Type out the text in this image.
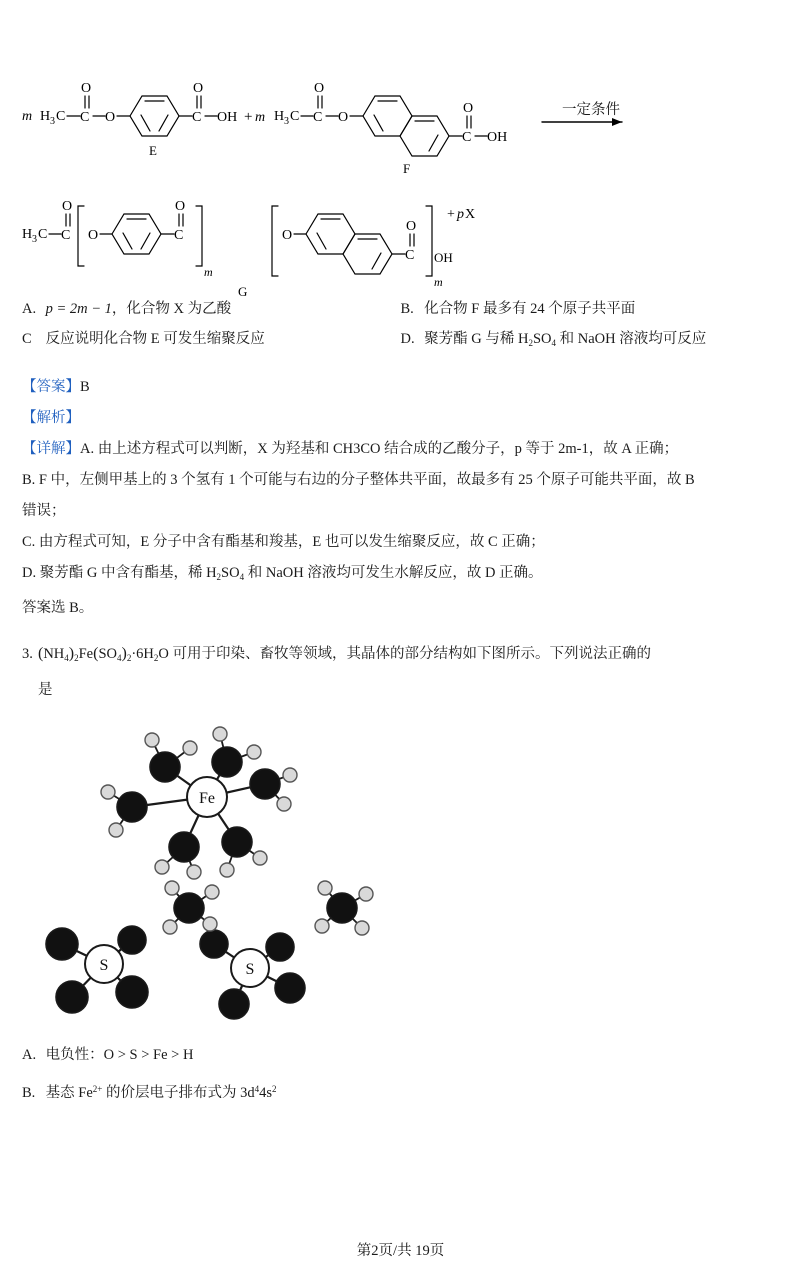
m H 3 C C
O
O	C
O
OH
E
+ m H 3 C C
O
O
C
O
OH
F
H 3 C C
O
O	C
O
m
O
C
O
m
OH
+ p X
G
一定条件
A. p = 2m − 1，化合物 X 为乙酸	B. 化合物 F 最多有 24 个原子共平面
C 反应说明化合物 E 可发生缩聚反应	D. 聚芳酯 G 与稀 $H_2SO_4$ 和 NaOH 溶液均可反应

【答案】B

【解析】

【详解】A. 由上述方程式可以判断，X 为羟基和 CH3CO 结合成的乙酸分子，p 等于 2m-1，故 A 正确；

B. F 中，左侧甲基上的 3 个氢有 1 个可能与右边的分子整体共平面，故最多有 25 个原子可能共平面，故 B

错误；

C. 由方程式可知，E 分子中含有酯基和羧基，E 也可以发生缩聚反应，故 C 正确；

D. 聚芳酯 G 中含有酯基，稀 $H_2SO_4$ 和 NaOH 溶液均可发生水解反应，故 D 正确。

答案选 B。

3. $(NH_4)_2Fe(SO_4)_2\cdot 6H_2O$ 可用于印染、畜牧等领域，其晶体的部分结构如下图所示。下列说法正确的
是
Fe
S	S
A. 电负性：O > S > Fe > H
B. 基态 $Fe^{2+}$ 的价层电子排布式为 $3d^44s^2$
第2页/共 19页
